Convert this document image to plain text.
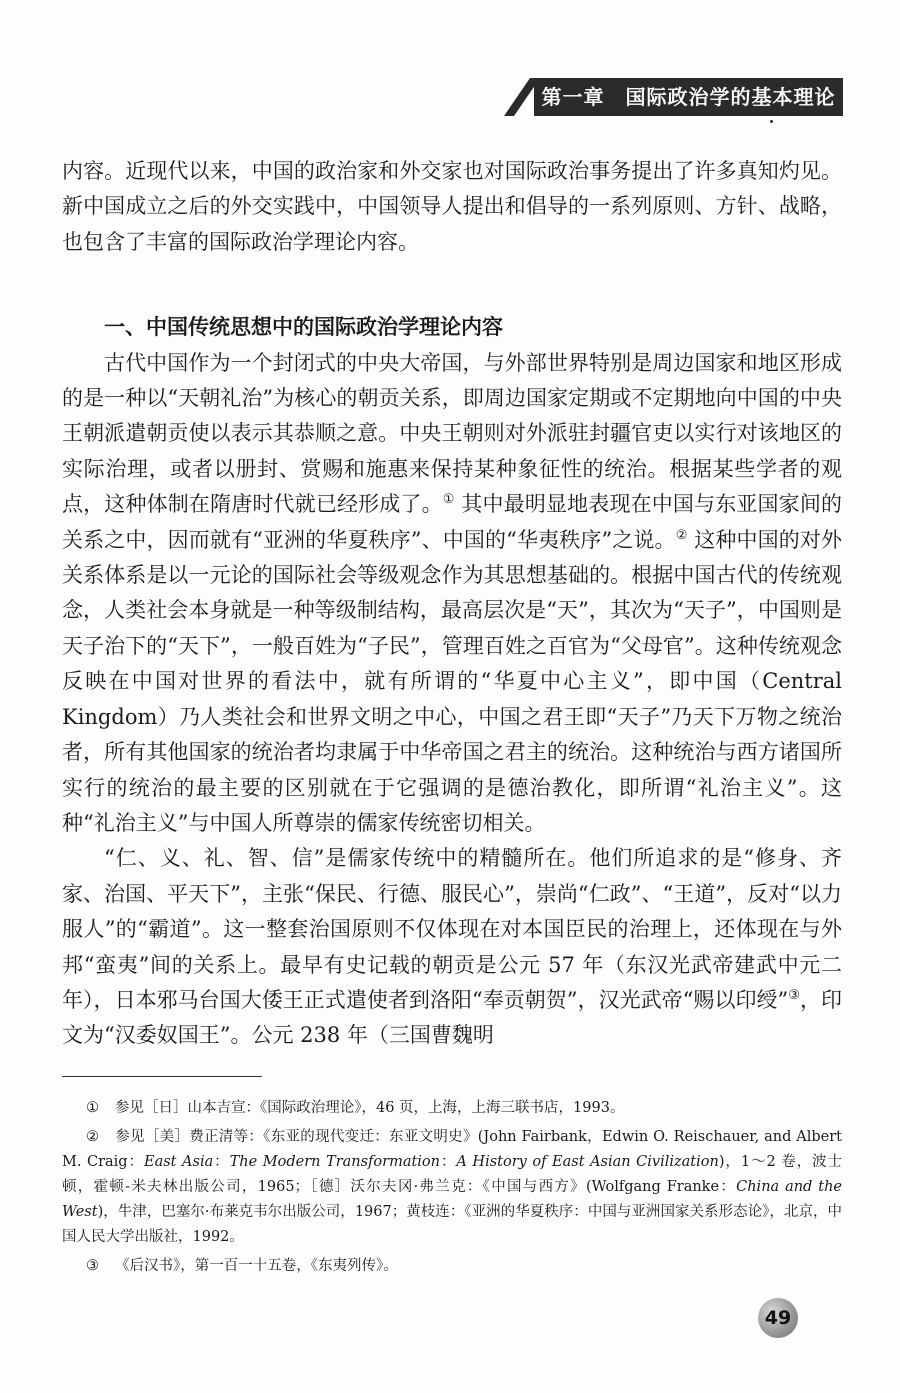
第一章　国际政治学的基本理论

内容。近现代以来，中国的政治家和外交家也对国际政治事务提出了许多真知灼见。新中国成立之后的外交实践中，中国领导人提出和倡导的一系列原则、方针、战略，也包含了丰富的国际政治学理论内容。

一、中国传统思想中的国际政治学理论内容

古代中国作为一个封闭式的中央大帝国，与外部世界特别是周边国家和地区形成的是一种以“天朝礼治”为核心的朝贡关系，即周边国家定期或不定期地向中国的中央王朝派遣朝贡使以表示其恭顺之意。中央王朝则对外派驻封疆官吏以实行对该地区的实际治理，或者以册封、赏赐和施惠来保持某种象征性的统治。根据某些学者的观点，这种体制在隋唐时代就已经形成了。① 其中最明显地表现在中国与东亚国家间的关系之中，因而就有“亚洲的华夏秩序”、中国的“华夷秩序”之说。② 这种中国的对外关系体系是以一元论的国际社会等级观念作为其思想基础的。根据中国古代的传统观念，人类社会本身就是一种等级制结构，最高层次是“天”，其次为“天子”，中国则是天子治下的“天下”，一般百姓为“子民”，管理百姓之百官为“父母官”。这种传统观念反映在中国对世界的看法中，就有所谓的“华夏中心主义”，即中国（Central Kingdom）乃人类社会和世界文明之中心，中国之君王即“天子”乃天下万物之统治者，所有其他国家的统治者均隶属于中华帝国之君主的统治。这种统治与西方诸国所实行的统治的最主要的区别就在于它强调的是德治教化，即所谓“礼治主义”。这种“礼治主义”与中国人所尊崇的儒家传统密切相关。

“仁、义、礼、智、信”是儒家传统中的精髓所在。他们所追求的是“修身、齐家、治国、平天下”，主张“保民、行德、服民心”，崇尚“仁政”、“王道”，反对“以力服人”的“霸道”。这一整套治国原则不仅体现在对本国臣民的治理上，还体现在与外邦“蛮夷”间的关系上。最早有史记载的朝贡是公元 57 年（东汉光武帝建武中元二年），日本邪马台国大倭王正式遣使者到洛阳“奉贡朝贺”，汉光武帝“赐以印绶”③，印文为“汉委奴国王”。公元 238 年（三国曹魏明

① 参见［日］山本吉宣：《国际政治理论》，46 页，上海，上海三联书店，1993。

② 参见［美］费正清等：《东亚的现代变迁：东亚文明史》(John Fairbank，Edwin O. Reischauer, and Albert M. Craig：East Asia：The Modern Transformation：A History of East Asian Civilization)，1～2 卷，波士顿，霍顿-米夫林出版公司，1965；［德］沃尔夫冈·弗兰克：《中国与西方》(Wolfgang Franke：China and the West)，牛津，巴塞尔·布莱克韦尔出版公司，1967；黄枝连：《亚洲的华夏秩序：中国与亚洲国家关系形态论》，北京，中国人民大学出版社，1992。

③ 《后汉书》，第一百一十五卷，《东夷列传》。

49
